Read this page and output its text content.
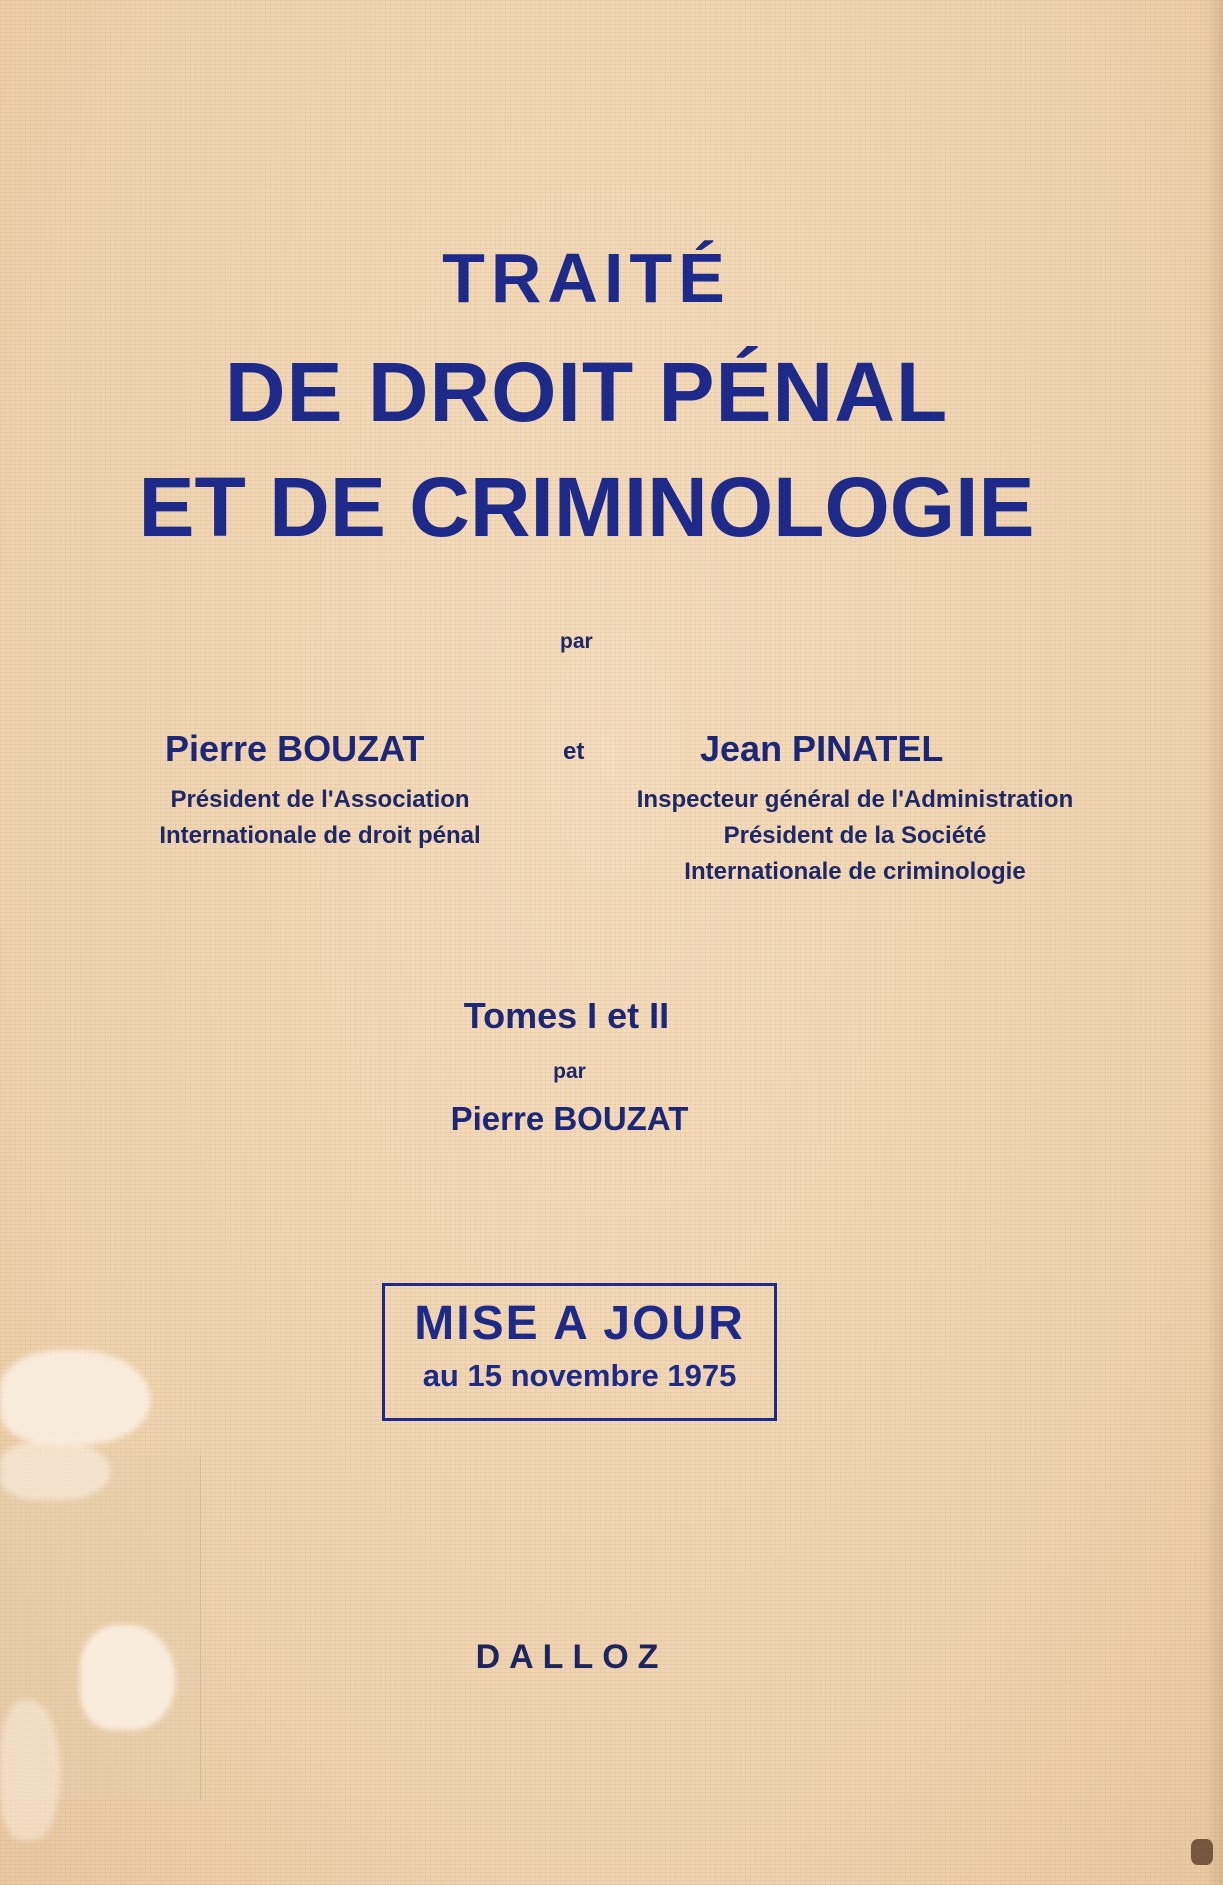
TRAITÉ
DE DROIT PÉNAL
ET DE CRIMINOLOGIE
par
Pierre BOUZAT	et	Jean PINATEL
Président de l'Association
Internationale de droit pénal
Inspecteur général de l'Administration
Président de la Société
Internationale de criminologie
Tomes I et II
par
Pierre BOUZAT
MISE A JOUR
au 15 novembre 1975
DALLOZ
